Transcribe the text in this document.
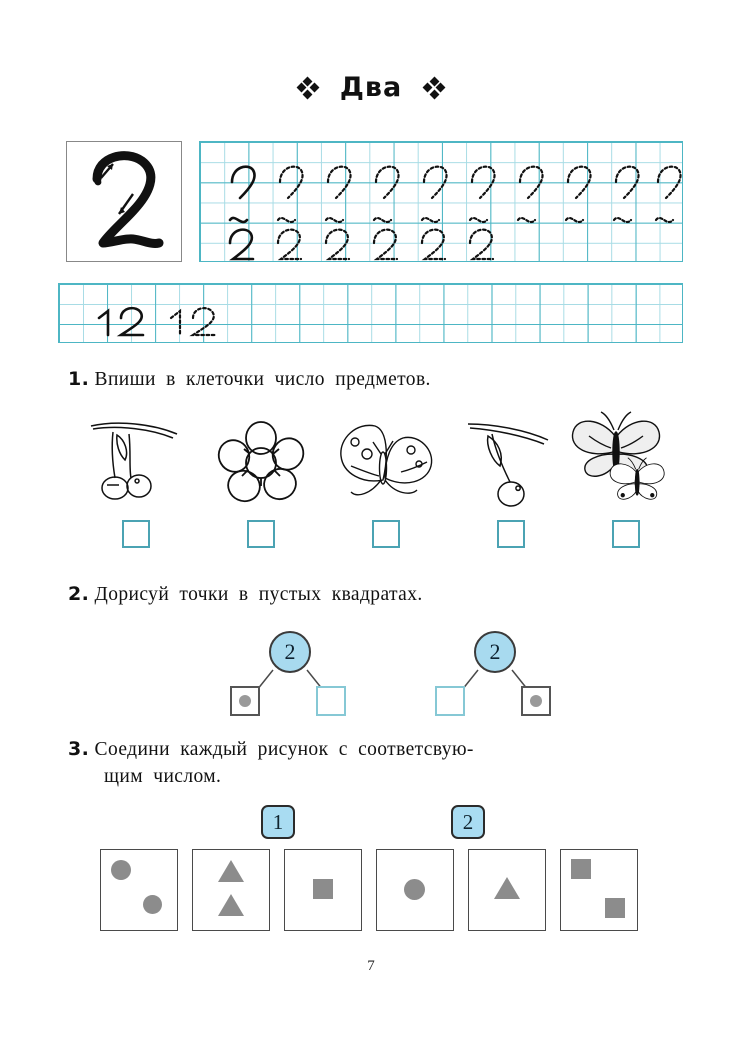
Два
1. Впиши в клеточки число предметов.
2. Дорисуй точки в пустых квадратах.
2	2
3. Соедини каждый рисунок с соответсвую-
щим числом.
1	2
7
